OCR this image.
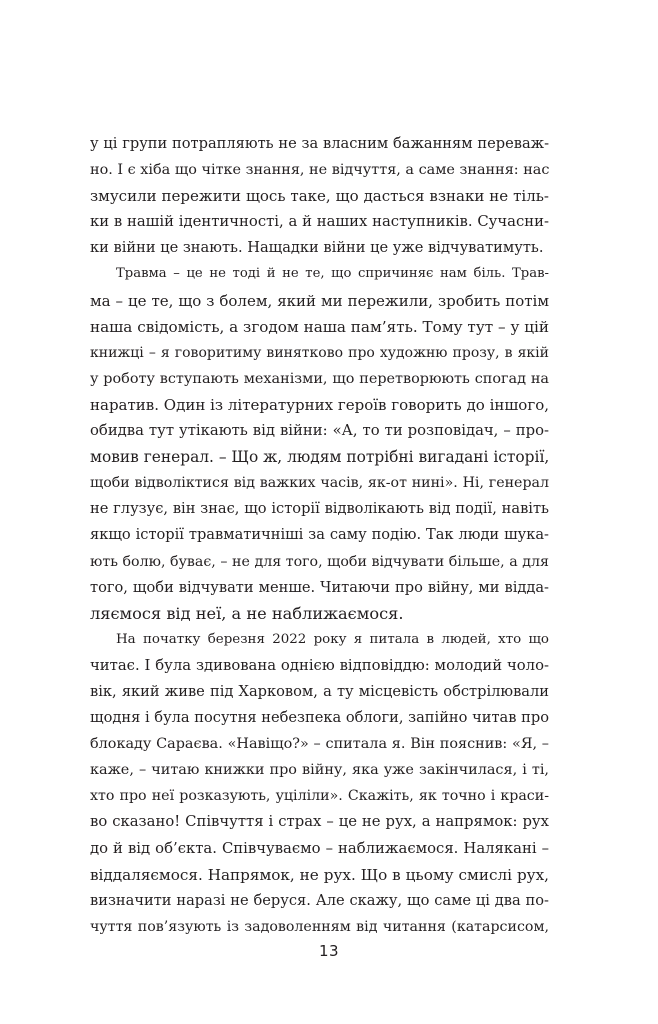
у ці групи потрапляють не за власним бажанням переваж-
но. І є хіба що чітке знання, не відчуття, а саме знання: нас
змусили пережити щось таке, що дасться взнаки не тіль-
ки в нашій ідентичності, а й наших наступників. Сучасни-
ки війни це знають. Нащадки війни це уже відчуватимуть.
Травма – це не тоді й не те, що спричиняє нам біль. Трав-
ма – це те, що з болем, який ми пережили, зробить потім
наша свідомість, а згодом наша пам’ять. Тому тут – у цій
книжці – я говоритиму винятково про художню прозу, в якій
у роботу вступають механізми, що перетворюють спогад на
наратив. Один із літературних героїв говорить до іншого,
обидва тут утікають від війни: «А, то ти розповідач, – про-
мовив генерал. – Що ж, людям потрібні вигадані історії,
щоби відволіктися від важких часів, як-от нині». Ні, генерал
не глузує, він знає, що історії відволікають від події, навіть
якщо історії травматичніші за саму подію. Так люди шука-
ють болю, буває, – не для того, щоби відчувати більше, а для
того, щоби відчувати менше. Читаючи про війну, ми відда-
ляємося від неї, а не наближаємося.
На початку березня 2022 року я питала в людей, хто що
читає. І була здивована однією відповіддю: молодий чоло-
вік, який живе під Харковом, а ту місцевість обстрілювали
щодня і була посутня небезпека облоги, запійно читав про
блокаду Сараєва. «Навіщо?» – спитала я. Він пояснив: «Я, –
каже, – читаю книжки про війну, яка уже закінчилася, і ті,
хто про неї розказують, уціліли». Скажіть, як точно і краси-
во сказано! Співчуття і страх – це не рух, а напрямок: рух
до й від об’єкта. Співчуваємо – наближаємося. Налякані –
віддаляємося. Напрямок, не рух. Що в цьому смислі рух,
визначити наразі не беруся. Але скажу, що саме ці два по-
чуття пов’язують із задоволенням від читання (катарсисом,
13
